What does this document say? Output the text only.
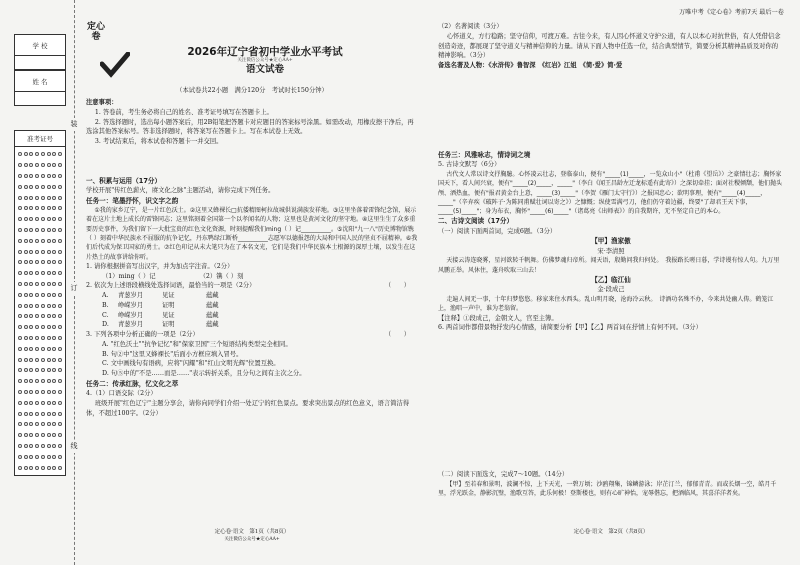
学 校
姓 名
准考证号
装
订
线
万唯中考《定心卷》考前7天 最后一卷
定心卷
2026年辽宁省初中学业水平考试
关注微信公众号★定心AA+
语文试卷
（本试卷共22小题　满分120分　考试时长150分钟）

注意事项：

1. 答卷前，考生务必将自己的姓名、准考证号填写在答题卡上。

2. 答选择题时，选出每小题答案后，用2B铅笔把答题卡对应题目的答案标号涂黑。如需改动，用橡皮擦干净后，再选涂其他答案标号。答非选择题时，将答案写在答题卡上。写在本试卷上无效。

3. 考试结束后，将本试卷和答题卡一并交回。

一、积累与运用（17分）

学校开展"传红色薪火，赓文化之脉"主题活动，请你完成下列任务。

任务一：笔墨抒怀，识文字之韵

①我的家乡辽宁，是一片红色沃土。②这里又蜂裸长□抗倭精图柯拉故城供说满族发祥地。③这里坐落着雷锋纪念馆，展示着在这片土地上成长的雷锋同志；这里铭刻着全国第一个以孝闻名的人物；这里也是黄河文化的坚守地。④这里生生了众多重要历史事件，为我们留下一大批宝贵的红色文化资源，时刻提醒我们ming（ ）记__________。⑤沈阳"九一八"历史博物馆镌（ ）刻着中华民族永不屈服的抗争记忆，丹东鸭绿江断桥__________志愿军以德报怨的大局和中国人民的坚贞不屈精神。⑥我们后代成为保卫国家的勇士。⑦红色印记从未大笔只为在了本名文光，它们是我们中华民族本土根源的深厚土壤，以发生在这片热土的故事讲给你听。

1. 请你根据拼音写出汉字，并为加点字注音。（2分）

（1）ming（ ）记	（2）镌（ ）刻

2. 依次为上述语段横线处选择词语，最恰当的一项是（2分）	（　　）

A.	青葱岁月	见证	蕴藏
B.	峥嵘岁月	证明	蕴藏
C.	峥嵘岁月	见证	蕴藏
D.	青葱岁月	证明	蕴藏

3. 下列各项中分析正确的一项是（2分）	（　　）

A. "红色沃土""抗争记忆"和"保家卫国"三个短语结构类型完全相同。

B. 句②中"这里又蜂裸长"后面小方框应填入冒号。

C. 文中画线句有语病，应将"闪耀"和"红山文明光辉"位置互换。

D. 句⑤中的"不是……而是……"表示转折关系，且分句之间有主次之分。

任务二：传承红脉，忆文化之萃

4.（1）口语交际（2分）

班级开展"红色辽宁"主题分享会，请你向同学们介绍一处辽宁的红色景点。要求突出景点的红色意义，语言简洁得体，不超过100字。（2分）

定心卷·语文　第1页（共8页）

关注微信公众号★定心AA+

（2）名著阅读（3分）

心怀道义，方行稳路；坚守信仰，可渡万难。古往今来，有人因心怀道义守护公道，有人以本心对抗世俗，有人凭借信念创造奇迹，都展现了坚守道义与精神信仰的力量。请从下面人物中任选一位，结合典型情节，简要分析其精神品质及对你的精神影响。（3分）

备选名著及人物：《水浒传》鲁智深　《红岩》江姐　《简·爱》简·爱

任务三：风雅咏志，情诗词之境

5. 古诗文默写（6分）

古代文人常以诗文抒胸臆。心怀凌云壮志，登临泰山，便有"_____(1)_____，一览众山小"（杜甫《望岳》）之豪情壮志；胸怀家国天下，看人间兴衰，便有"_____(2)_____，_____"（李白《闻王昌龄左迁龙标遥有此寄》）之深切牵挂；面对社稷倾颓，他们抛头颅、洒热血，便有"报君黄金台上意，_____(3)_____"（李贺《雁门太守行》）之报国忠心；欲明事理，便有"_____(4)_____，_____"（辛弃疾《破阵子·为陈同甫赋壮词以寄之》）之慷慨；纵使雪满弓刀，他们仍守着边疆，终要"了却君王天下事，_____(5)_____"；身为布衣，胸怀"_____(6)_____"（诸葛亮《出师表》）的自我期许，无不坚定自己的本心。

二、古诗文阅读（17分）

（一）阅读下面两首词，完成6题。（3分）

【甲】渔家傲

宋·李清照

天接云涛连晓雾，星河欲转千帆舞。仿佛梦魂归帝所。闻天语，殷勤问我归何处。　我报路长嗟日暮，学诗谩有惊人句。九万里风鹏正举。风休住，蓬舟吹取三山去！

【乙】临江仙

金·段成己

走遍人间无一事，十年归梦悠悠。移家来住水西头。乱山明月晓，沧海冷云秋。　诗酒功名殊不办，今来共处幽人俦。鹤笼江上，渔唱一声中，谁为老翁留。

【注释】①段成己，金朝文人，官至主簿。

6. 两首词作都借景物抒发内心情感，请简要分析【甲】【乙】两首词在抒情上有何不同。（3分）

（二）阅读下面选文，完成7～10题。（14分）

【甲】至若春和景明，波澜不惊，上下天光，一碧万顷；沙鸥翔集，锦鳞游泳；岸芷汀兰，郁郁青青。而或长烟一空，皓月千里，浮光跃金，静影沉璧，渔歌互答，此乐何极！登斯楼也，则有心旷神怡，宠辱偕忘，把酒临风，其喜洋洋者矣。

定心卷·语文　第2页（共8页）
